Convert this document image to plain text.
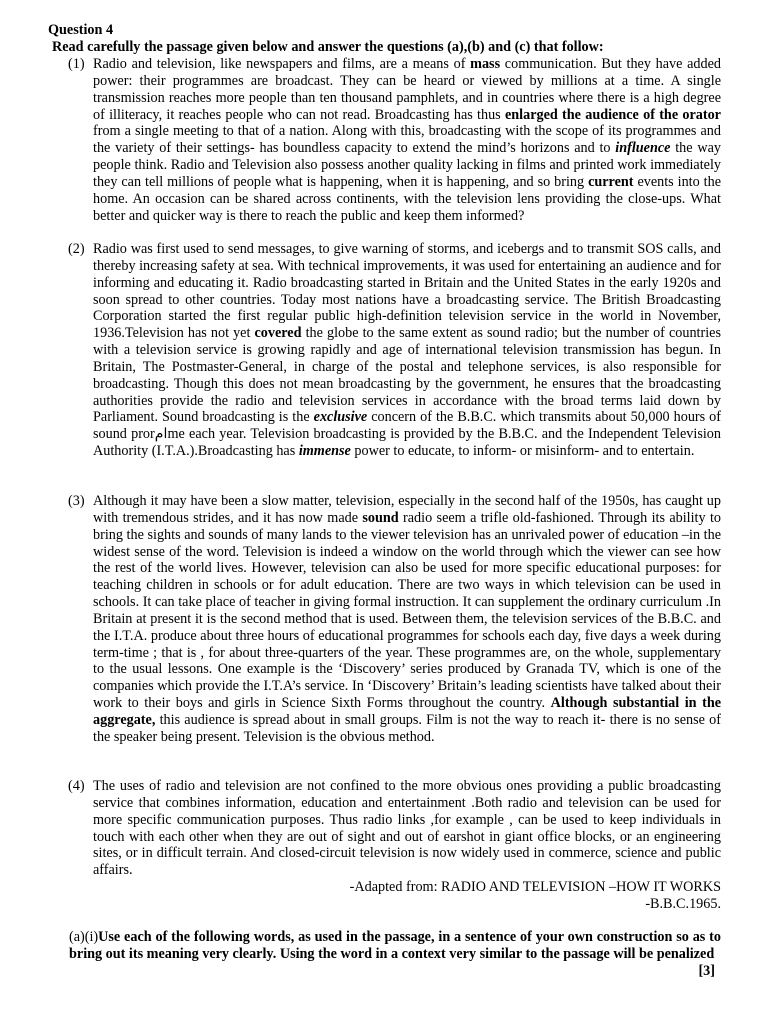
Question 4
Read carefully the passage given below and answer the questions (a),(b) and (c) that follow:
(1) Radio and television, like newspapers and films, are a means of mass communication. But they have added power: their programmes are broadcast. They can be heard or viewed by millions at a time. A single transmission reaches more people than ten thousand pamphlets, and in countries where there is a high degree of illiteracy, it reaches people who can not read. Broadcasting has thus enlarged the audience of the orator from a single meeting to that of a nation. Along with this, broadcasting with the scope of its programmes and the variety of their settings- has boundless capacity to extend the mind’s horizons and to influence the way people think. Radio and Television also possess another quality lacking in films and printed work immediately they can tell millions of people what is happening, when it is happening, and so bring current events into the home. An occasion can be shared across continents, with the television lens providing the close-ups. What better and quicker way is there to reach the public and keep them informed?
(2) Radio was first used to send messages, to give warning of storms, and icebergs and to transmit SOS calls, and thereby increasing safety at sea. With technical improvements, it was used for entertaining an audience and for informing and educating it. Radio broadcasting started in Britain and the United States in the early 1920s and soon spread to other countries. Today most nations have a broadcasting service. The British Broadcasting Corporation started the first regular public high-definition television service in the world in November, 1936.Television has not yet covered the globe to the same extent as sound radio; but the number of countries with a television service is growing rapidly and age of international television transmission has begun. In Britain, The Postmaster-General, in charge of the postal and telephone services, is also responsible for broadcasting. Though this does not mean broadcasting by the government, he ensures that the broadcasting authorities provide the radio and television services in accordance with the broad terms laid down by Parliament. Sound broadcasting is the exclusive concern of the B.B.C. which transmits about 50,000 hours of sound prorامme each year. Television broadcasting is provided by the B.B.C. and the Independent Television Authority (I.T.A.).Broadcasting has immense power to educate, to inform- or misinform- and to entertain.
(3) Although it may have been a slow matter, television, especially in the second half of the 1950s, has caught up with tremendous strides, and it has now made sound radio seem a trifle old-fashioned. Through its ability to bring the sights and sounds of many lands to the viewer television has an unrivaled power of education –in the widest sense of the word. Television is indeed a window on the world through which the viewer can see how the rest of the world lives. However, television can also be used for more specific educational purposes: for teaching children in schools or for adult education. There are two ways in which television can be used in schools. It can take place of teacher in giving formal instruction. It can supplement the ordinary curriculum .In Britain at present it is the second method that is used. Between them, the television services of the B.B.C. and the I.T.A. produce about three hours of educational programmes for schools each day, five days a week during term-time ; that is , for about three-quarters of the year. These programmes are, on the whole, supplementary to the usual lessons. One example is the ‘Discovery’ series produced by Granada TV, which is one of the companies which provide the I.T.A’s service. In ‘Discovery’ Britain’s leading scientists have talked about their work to their boys and girls in Science Sixth Forms throughout the country. Although substantial in the aggregate, this audience is spread about in small groups. Film is not the way to reach it- there is no sense of the speaker being present. Television is the obvious method.
(4) The uses of radio and television are not confined to the more obvious ones providing a public broadcasting service that combines information, education and entertainment .Both radio and television can be used for more specific communication purposes. Thus radio links ,for example , can be used to keep individuals in touch with each other when they are out of sight and out of earshot in giant office blocks, or an engineering sites, or in difficult terrain. And closed-circuit television is now widely used in commerce, science and public affairs.
-Adapted from: RADIO AND TELEVISION –HOW IT WORKS
-B.B.C.1965.
(a)(i)Use each of the following words, as used in the passage, in a sentence of your own construction so as to bring out its meaning very clearly. Using the word in a context very similar to the passage will be penalized
[3]
